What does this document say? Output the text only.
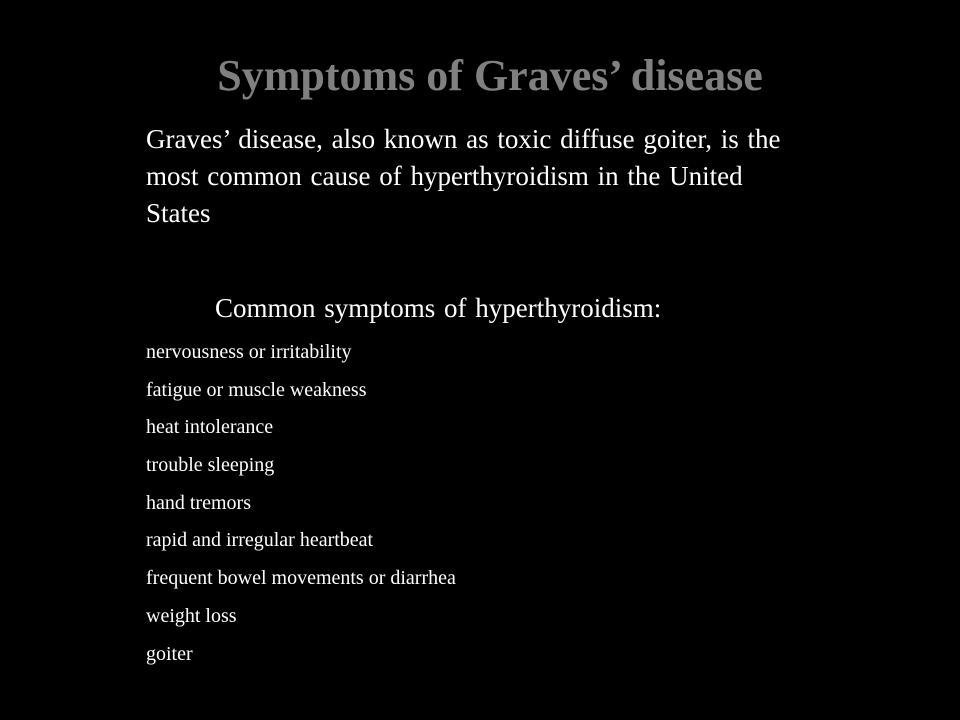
Symptoms of Graves’ disease
Graves’ disease, also known as toxic diffuse goiter, is the most common cause of hyperthyroidism in the United States
Common symptoms of hyperthyroidism:
nervousness or irritability
fatigue or muscle weakness
heat intolerance
trouble sleeping
hand tremors
rapid and irregular heartbeat
frequent bowel movements or diarrhea
weight loss
goiter
